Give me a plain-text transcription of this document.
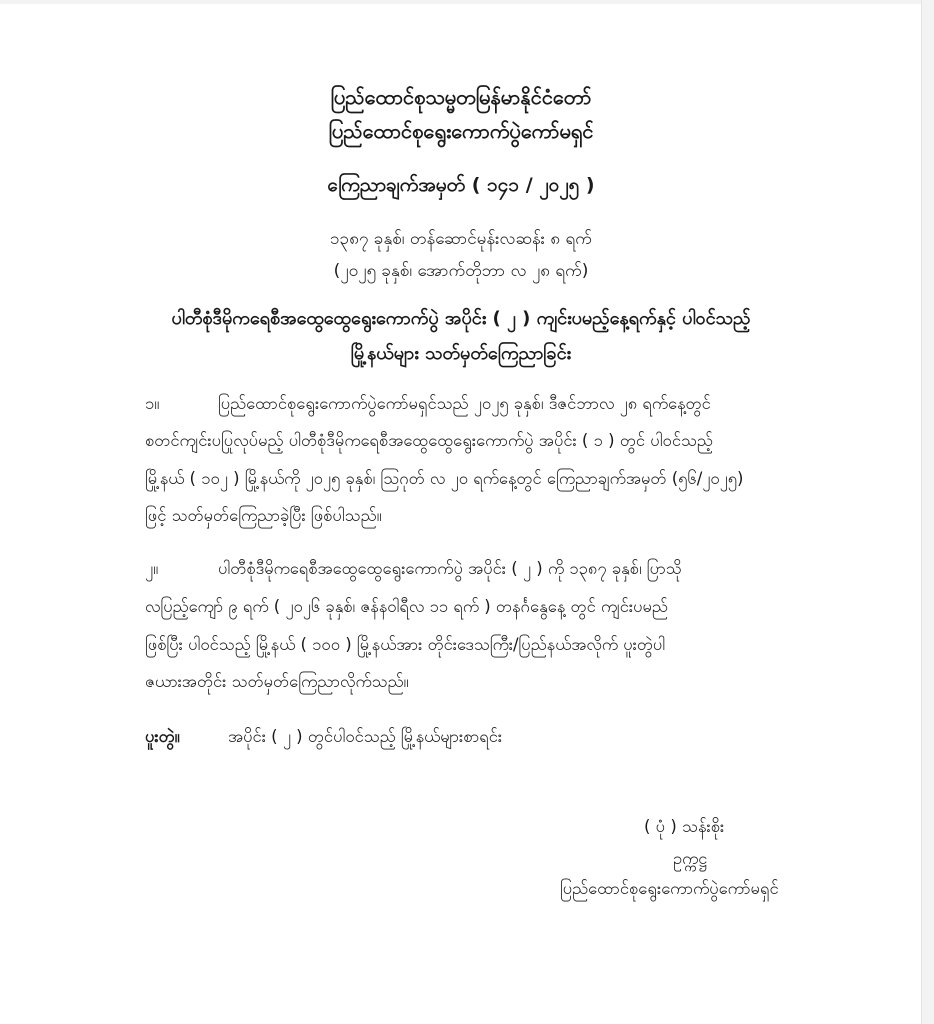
ပြည်ထောင်စုသမ္မတမြန်မာနိုင်ငံတော်
ပြည်ထောင်စုရွေးကောက်ပွဲကော်မရှင်
ကြေညာချက်အမှတ် ( ၁၄၁ / ၂၀၂၅ )
၁၃၈၇ ခုနှစ်၊ တန်ဆောင်မုန်းလဆန်း ၈ ရက်
(၂၀၂၅ ခုနှစ်၊ အောက်တိုဘာ လ ၂၈ ရက်)
ပါတီစုံဒီမိုကရေစီအထွေထွေရွေးကောက်ပွဲ အပိုင်း ( ၂ ) ကျင်းပမည့်နေ့ရက်နှင့် ပါဝင်သည့်
မြို့နယ်များ သတ်မှတ်ကြေညာခြင်း
၁။	ပြည်ထောင်စုရွေးကောက်ပွဲကော်မရှင်သည် ၂၀၂၅ ခုနှစ်၊ ဒီဇင်ဘာလ ၂၈ ရက်နေ့တွင်
စတင်ကျင်းပပြုလုပ်မည့် ပါတီစုံဒီမိုကရေစီအထွေထွေရွေးကောက်ပွဲ အပိုင်း ( ၁ ) တွင် ပါဝင်သည့်
မြို့နယ် ( ၁၀၂ ) မြို့နယ်ကို ၂၀၂၅ ခုနှစ်၊ ဩဂုတ် လ ၂၀ ရက်နေ့တွင် ကြေညာချက်အမှတ် (၅၆/၂၀၂၅)
ဖြင့် သတ်မှတ်ကြေညာခဲ့ပြီး ဖြစ်ပါသည်။
၂။	ပါတီစုံဒီမိုကရေစီအထွေထွေရွေးကောက်ပွဲ အပိုင်း ( ၂ ) ကို ၁၃၈၇ ခုနှစ်၊ ပြာသို
လပြည့်ကျော် ၉ ရက် ( ၂၀၂၆ ခုနှစ်၊ ဇန်နဝါရီလ ၁၁ ရက် ) တနင်္ဂနွေနေ့ တွင် ကျင်းပမည်
ဖြစ်ပြီး ပါဝင်သည့် မြို့နယ် ( ၁၀၀ ) မြို့နယ်အား တိုင်းဒေသကြီး/ပြည်နယ်အလိုက် ပူးတွဲပါ
ဇယားအတိုင်း သတ်မှတ်ကြေညာလိုက်သည်။
ပူးတွဲ။	အပိုင်း ( ၂ ) တွင်ပါဝင်သည့် မြို့နယ်များစာရင်း
( ပုံ ) သန်းစိုး
ဥက္ကဋ္ဌ
ပြည်ထောင်စုရွေးကောက်ပွဲကော်မရှင်
